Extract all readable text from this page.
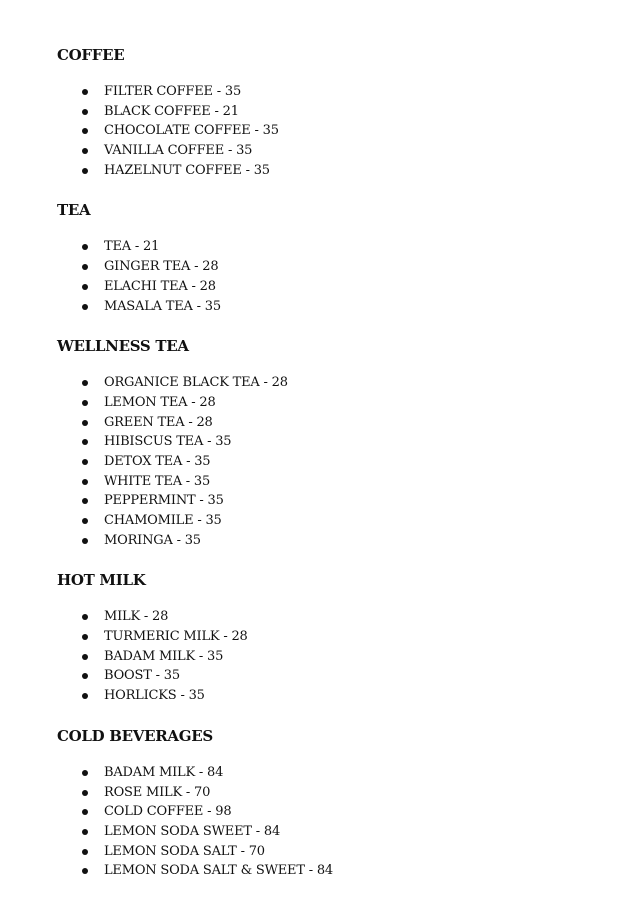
COFFEE
FILTER COFFEE - 35
BLACK COFFEE - 21
CHOCOLATE COFFEE - 35
VANILLA COFFEE - 35
HAZELNUT COFFEE - 35
TEA
TEA - 21
GINGER TEA - 28
ELACHI TEA - 28
MASALA TEA - 35
WELLNESS TEA
ORGANICE BLACK TEA - 28
LEMON TEA - 28
GREEN TEA - 28
HIBISCUS TEA - 35
DETOX TEA - 35
WHITE TEA - 35
PEPPERMINT - 35
CHAMOMILE - 35
MORINGA - 35
HOT MILK
MILK - 28
TURMERIC MILK - 28
BADAM MILK - 35
BOOST - 35
HORLICKS - 35
COLD BEVERAGES
BADAM MILK - 84
ROSE MILK - 70
COLD COFFEE - 98
LEMON SODA SWEET - 84
LEMON SODA SALT - 70
LEMON SODA SALT & SWEET - 84
